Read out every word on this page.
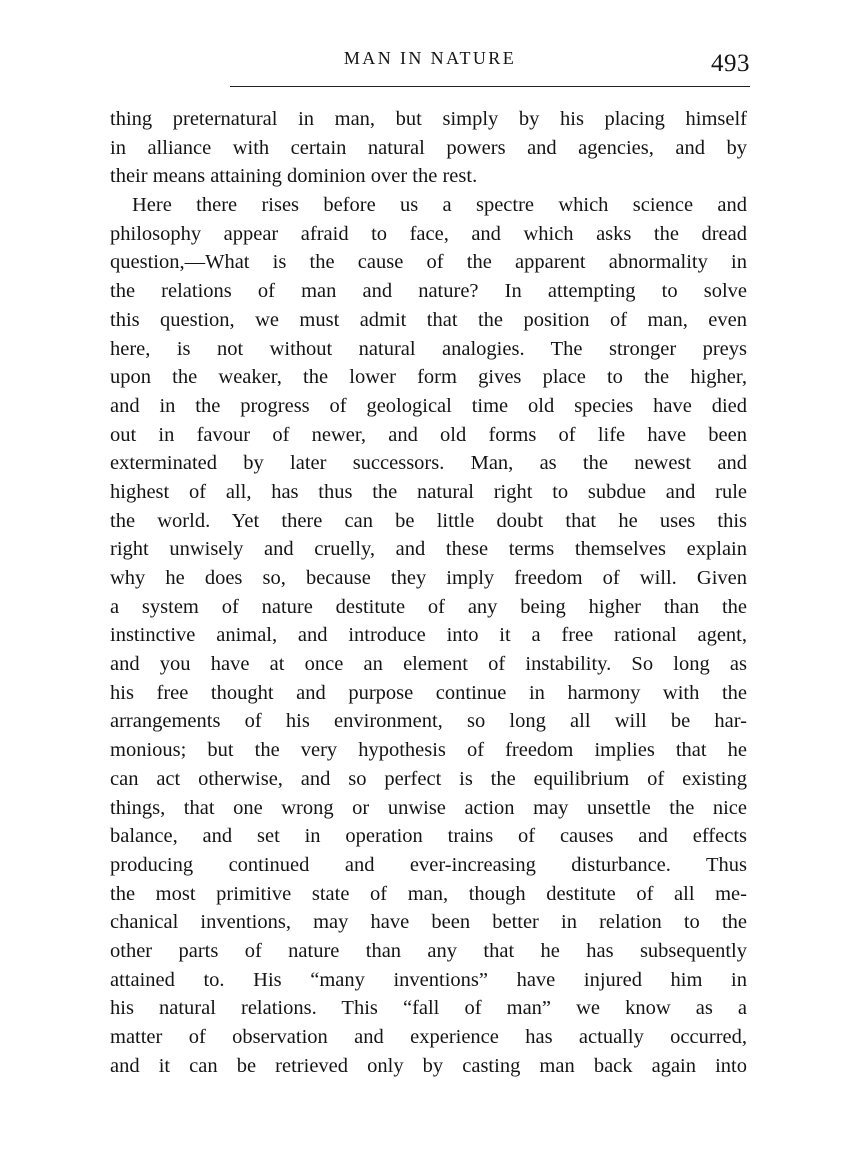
MAN IN NATURE	493
thing preternatural in man, but simply by his placing himself
in alliance with certain natural powers and agencies, and by
their means attaining dominion over the rest.
Here there rises before us a spectre which science and
philosophy appear afraid to face, and which asks the dread
question,—What is the cause of the apparent abnormality in
the relations of man and nature? In attempting to solve
this question, we must admit that the position of man, even
here, is not without natural analogies. The stronger preys
upon the weaker, the lower form gives place to the higher,
and in the progress of geological time old species have died
out in favour of newer, and old forms of life have been
exterminated by later successors. Man, as the newest and
highest of all, has thus the natural right to subdue and rule
the world. Yet there can be little doubt that he uses this
right unwisely and cruelly, and these terms themselves explain
why he does so, because they imply freedom of will. Given
a system of nature destitute of any being higher than the
instinctive animal, and introduce into it a free rational agent,
and you have at once an element of instability. So long as
his free thought and purpose continue in harmony with the
arrangements of his environment, so long all will be har-
monious; but the very hypothesis of freedom implies that he
can act otherwise, and so perfect is the equilibrium of existing
things, that one wrong or unwise action may unsettle the nice
balance, and set in operation trains of causes and effects
producing continued and ever-increasing disturbance. Thus
the most primitive state of man, though destitute of all me-
chanical inventions, may have been better in relation to the
other parts of nature than any that he has subsequently
attained to. His “many inventions” have injured him in
his natural relations. This “fall of man” we know as a
matter of observation and experience has actually occurred,
and it can be retrieved only by casting man back again into
